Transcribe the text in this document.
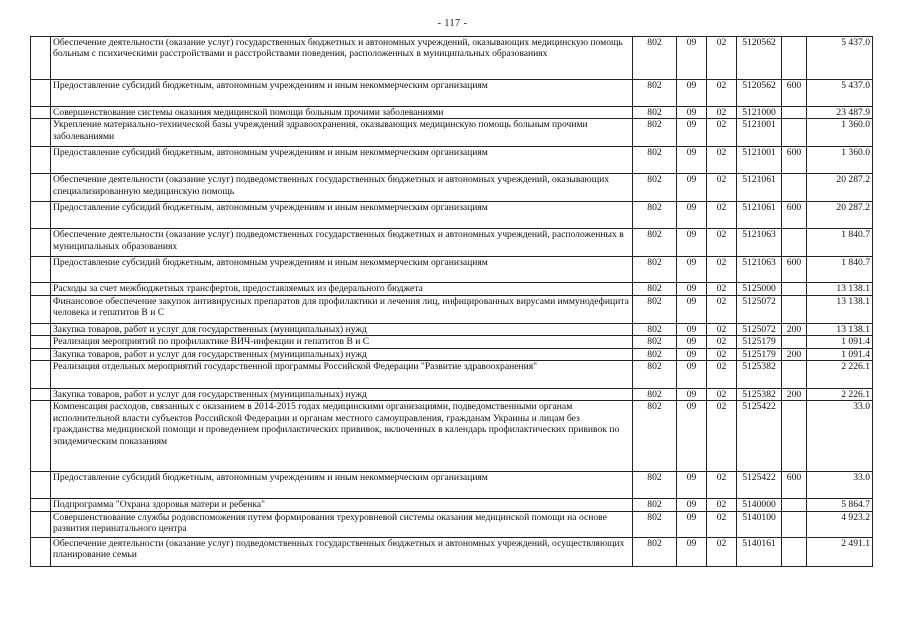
- 117 -
	Обеспечение деятельности (оказание услуг) государственных бюджетных и автономных учреждений, оказывающих медицинскую помощь больным с психическими расстройствами и расстройствами поведения, расположенных в муниципальных образованиях	802	09	02	5120562		5 437.0
	Предоставление субсидий бюджетным, автономным учреждениям и иным некоммерческим организациям	802	09	02	5120562	600	5 437.0
	Совершенствование системы оказания медицинской помощи больным прочими заболеваниями	802	09	02	5121000		23 487.9
	Укрепление материально-технической базы учреждений здравоохранения, оказывающих медицинскую помощь больным прочими заболеваниями	802	09	02	5121001		1 360.0
	Предоставление субсидий бюджетным, автономным учреждениям и иным некоммерческим организациям	802	09	02	5121001	600	1 360.0
	Обеспечение деятельности (оказание услуг) подведомственных государственных бюджетных и автономных учреждений, оказывающих специализированную медицинскую помощь	802	09	02	5121061		20 287.2
	Предоставление субсидий бюджетным, автономным учреждениям и иным некоммерческим организациям	802	09	02	5121061	600	20 287.2
	Обеспечение деятельности (оказание услуг) подведомственных государственных бюджетных и автономных учреждений, расположенных в муниципальных образованиях	802	09	02	5121063		1 840.7
	Предоставление субсидий бюджетным, автономным учреждениям и иным некоммерческим организациям	802	09	02	5121063	600	1 840.7
	Расходы за счет межбюджетных трансфертов, предоставляемых из федерального бюджета	802	09	02	5125000		13 138.1
	Финансовое обеспечение закупок антивирусных препаратов для профилактики и лечения лиц, инфицированных вирусами иммунодефицита человека и гепатитов В и С	802	09	02	5125072		13 138.1
	Закупка товаров, работ и услуг для государственных (муниципальных) нужд	802	09	02	5125072	200	13 138.1
	Реализация мероприятий по профилактике ВИЧ-инфекции и гепатитов В и С	802	09	02	5125179		1 091.4
	Закупка товаров, работ и услуг для государственных (муниципальных) нужд	802	09	02	5125179	200	1 091.4
	Реализация отдельных мероприятий государственной программы Российской Федерации "Развитие здравоохранения"	802	09	02	5125382		2 226.1
	Закупка товаров, работ и услуг для государственных (муниципальных) нужд	802	09	02	5125382	200	2 226.1
	Компенсация расходов, связанных с оказанием в 2014-2015 годах медицинскими организациями, подведомственными органам исполнительной власти субъектов Российской Федерации и органам местного самоуправления, гражданам Украины и лицам без гражданства медицинской помощи и проведением профилактических прививок, включенных в календарь профилактических прививок по эпидемическим показаниям	802	09	02	5125422		33.0
	Предоставление субсидий бюджетным, автономным учреждениям и иным некоммерческим организациям	802	09	02	5125422	600	33.0
	Подпрограмма "Охрана здоровья матери и ребенка"	802	09	02	5140000		5 864.7
	Совершенствование службы родовспоможения путем формирования трехуровневой системы оказания медицинской помощи на основе развития перинатального центра	802	09	02	5140100		4 923.2
	Обеспечение деятельности (оказание услуг) подведомственных государственных бюджетных и автономных учреждений, осуществляющих планирование семьи	802	09	02	5140161		2 491.1
